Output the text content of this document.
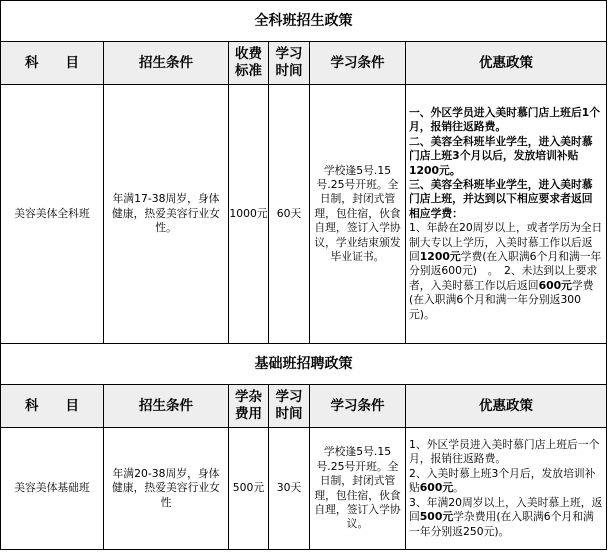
全科班招生政策					
科　　目	招生条件	收费标准	学习时间	学习条件	优惠政策
美容美体全科班	年满17-38周岁，身体健康，热爱美容行业女性。	1000元	60天	学校逢5号.15号.25号开班。全日制，封闭式管理，包住宿，伙食自理，签订入学协议，学业结束颁发毕业证书。	一、外区学员进入美时慕门店上班后1个月，报销往返路费。
二、美容全科班毕业学生，进入美时慕门店上班3个月以后，发放培训补贴1200元。
三、美容全科班毕业学生，进入美时慕门店上班，并达到以下相应要求者返回相应学费：
1、年龄在20周岁以上，或者学历为全日制大专以上学历，入美时慕工作以后返回1200元学费(在入职满6个月和满一年分别返600元)　。　2、未达到以上要求者，入美时慕工作以后返回600元学费(在入职满6个月和满一年分别返300元)。

基础班招聘政策					
科　　目	招生条件	学杂费用	学习时间	学习条件	优惠政策
美容美体基础班	年满20-38周岁，身体健康，热爱美容行业女性	500元	30天	学校逢5号.15号.25号开班。全日制，封闭式管理，包住宿，伙食自理，签订入学协议。	1、外区学员进入美时慕门店上班后一个月，报销往返路费。
2、入美时慕上班3个月后，发放培训补贴600元。
3、年满20周岁以上，入美时慕上班，返回500元学杂费用(在入职满6个月和满一年分别返250元)。
